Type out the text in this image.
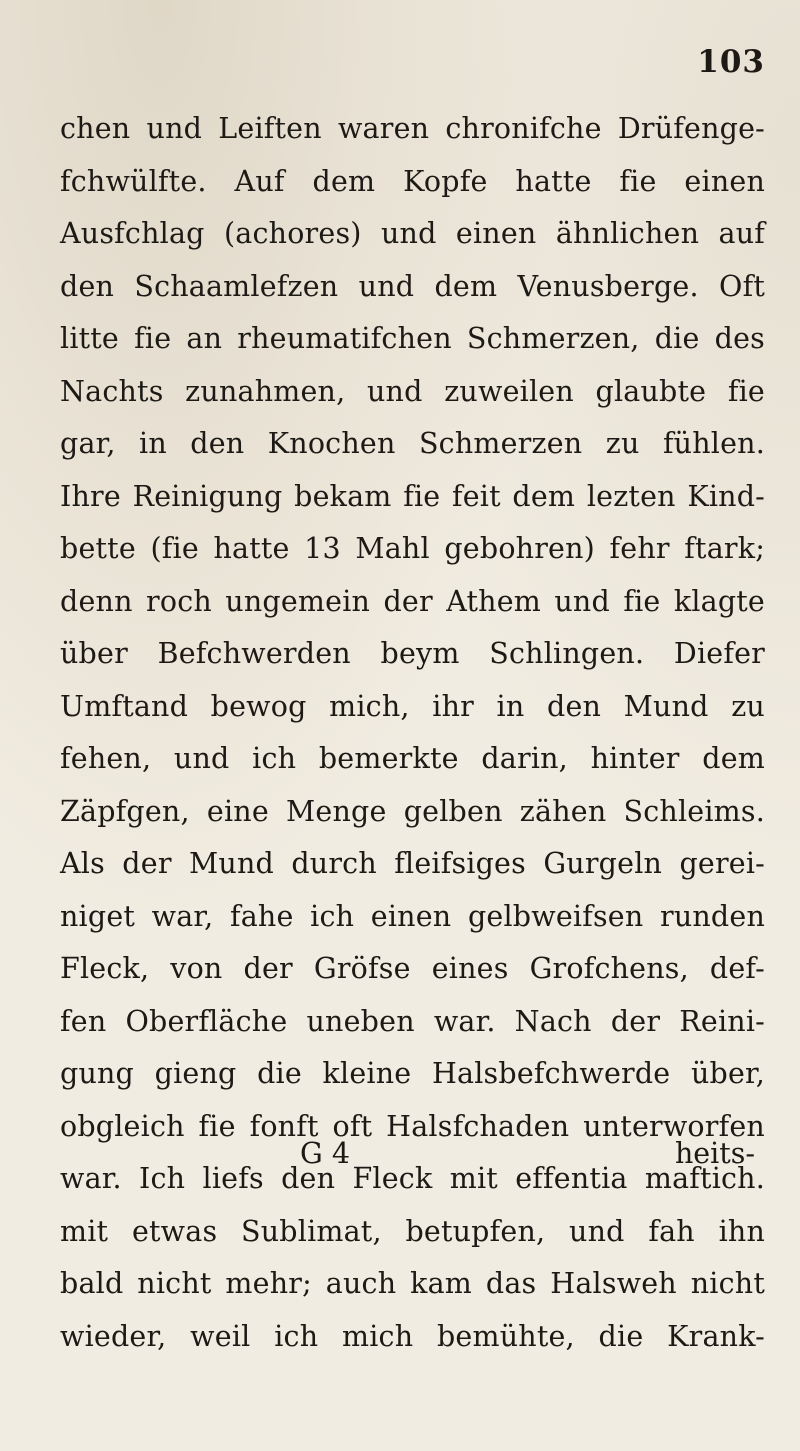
103
chen und Leiften waren chronifche Drüfenge-
fchwülfte. Auf dem Kopfe hatte fie einen
Ausfchlag (achores) und einen ähnlichen auf
den Schaamlefzen und dem Venusberge. Oft
litte fie an rheumatifchen Schmerzen, die des
Nachts zunahmen, und zuweilen glaubte fie
gar, in den Knochen Schmerzen zu fühlen.
Ihre Reinigung bekam fie feit dem lezten Kind-
bette (fie hatte 13 Mahl gebohren) fehr ftark;
denn roch ungemein der Athem und fie klagte
über Befchwerden beym Schlingen. Diefer
Umftand bewog mich, ihr in den Mund zu
fehen, und ich bemerkte darin, hinter dem
Zäpfgen, eine Menge gelben zähen Schleims.
Als der Mund durch fleifsiges Gurgeln gerei-
niget war, fahe ich einen gelbweifsen runden
Fleck, von der Gröfse eines Grofchens, def-
fen Oberfläche uneben war. Nach der Reini-
gung gieng die kleine Halsbefchwerde über,
obgleich fie fonft oft Halsfchaden unterworfen
war. Ich liefs den Fleck mit effentia maftich.
mit etwas Sublimat, betupfen, und fah ihn
bald nicht mehr; auch kam das Halsweh nicht
wieder, weil ich mich bemühte, die Krank-
G 4	heits-
